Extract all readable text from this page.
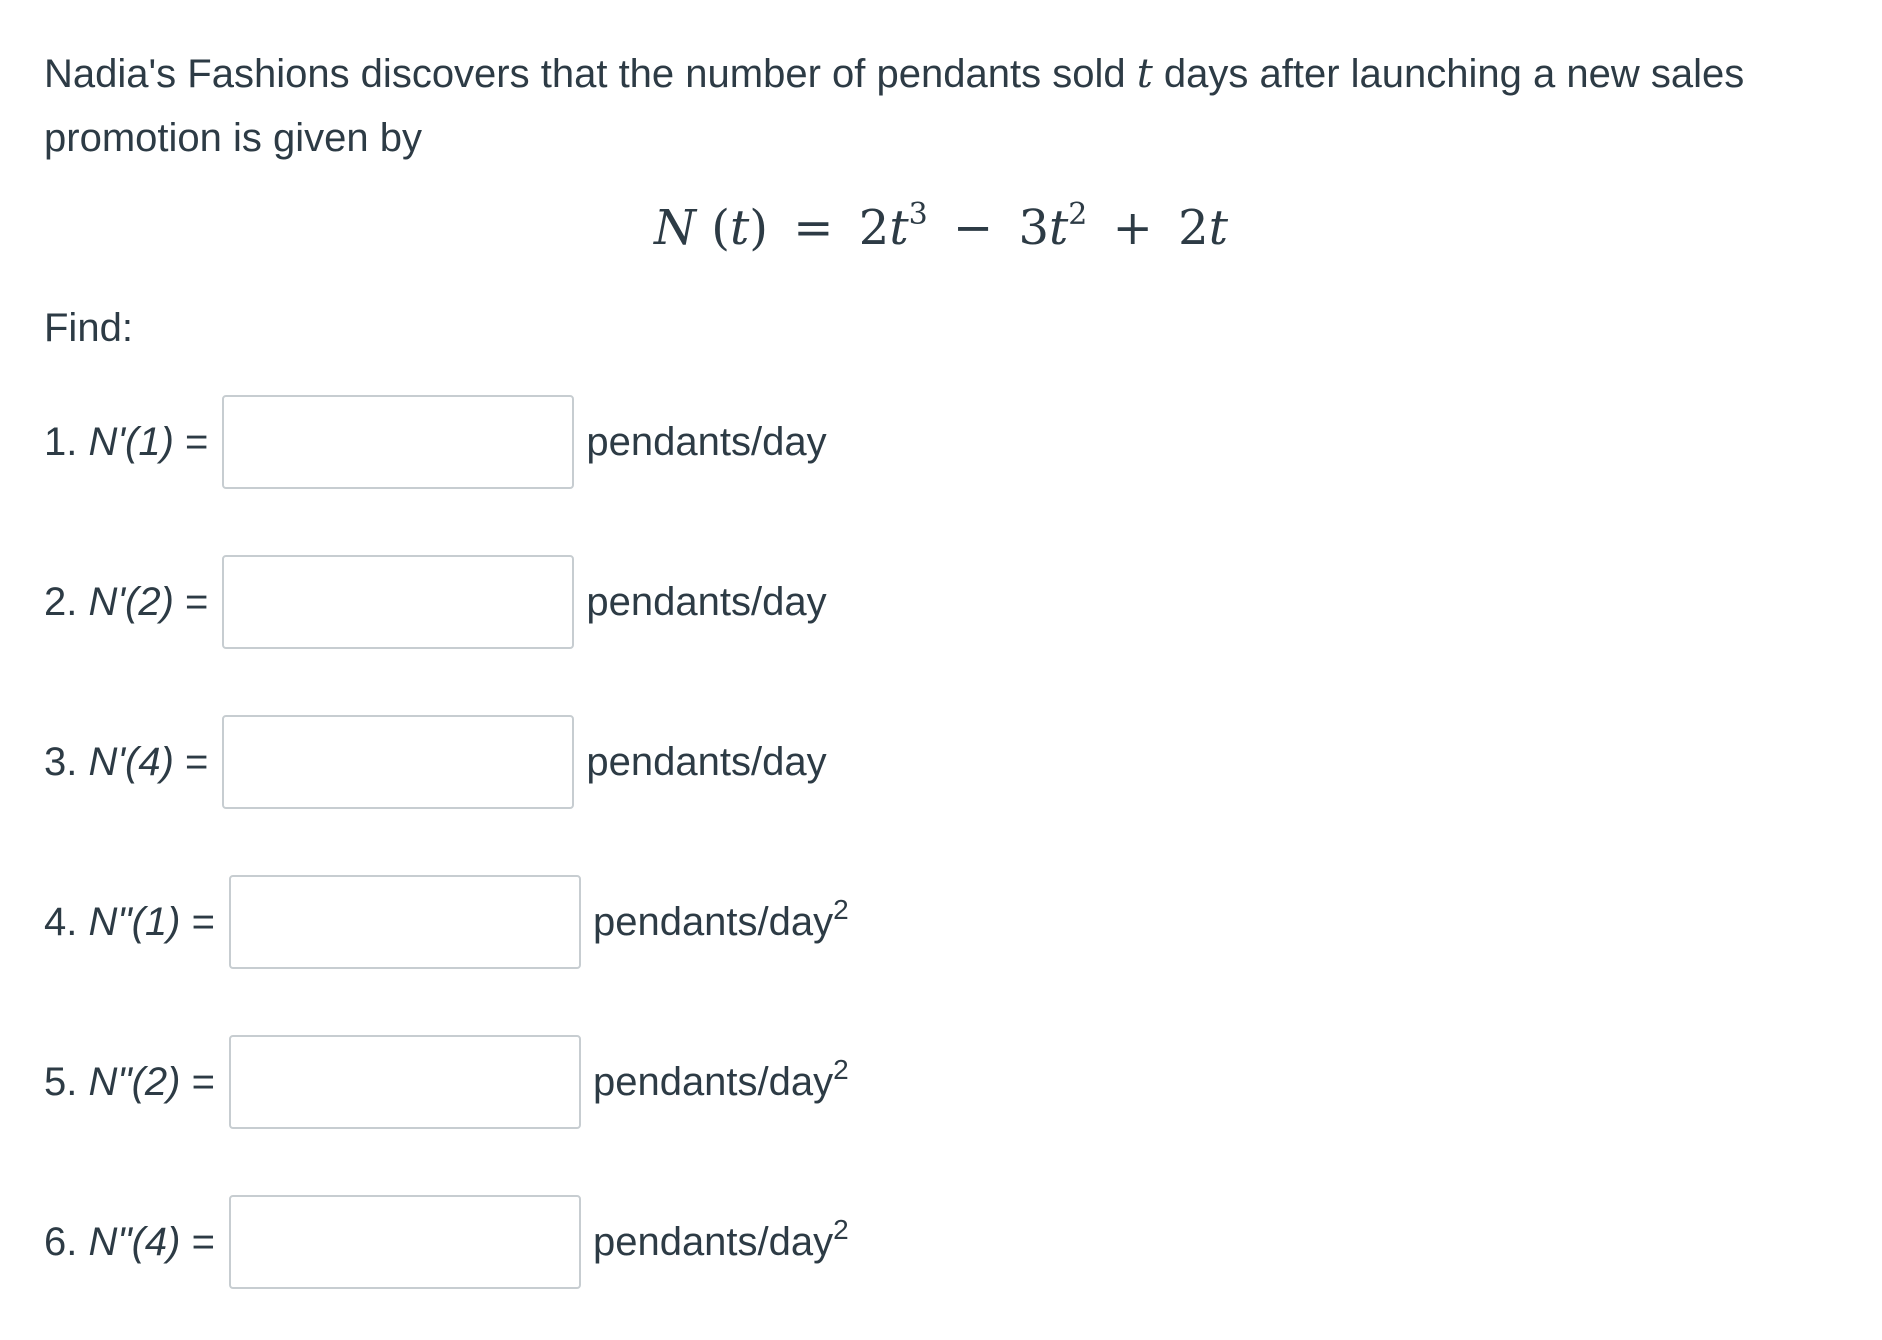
Nadia's Fashions discovers that the number of pendants sold t days after launching a new sales promotion is given by

N $(t) = 2t^3 - 3t^2 + 2t$

Find:

1. N'(1) =	pendants/day
2. N'(2) =	pendants/day
3. N'(4) =	pendants/day
4. N"(1) =	pendants/day$^2$
5. N"(2) =	pendants/day$^2$
6. N"(4) =	pendants/day$^2$
